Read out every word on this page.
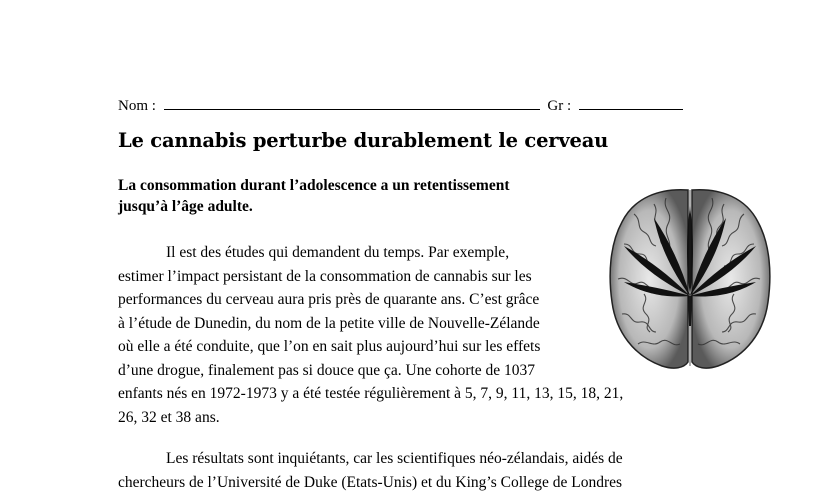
Nom :	Gr :
Le cannabis perturbe durablement le cerveau
La consommation durant l’adolescence a un retentissement
jusqu’à l’âge adulte.
Il est des études qui demandent du temps. Par exemple,
estimer l’impact persistant de la consommation de cannabis sur les
performances du cerveau aura pris près de quarante ans. C’est grâce
à l’étude de Dunedin, du nom de la petite ville de Nouvelle-Zélande
où elle a été conduite, que l’on en sait plus aujourd’hui sur les effets
d’une drogue, finalement pas si douce que ça. Une cohorte de 1037
enfants nés en 1972-1973 y a été testée régulièrement à 5, 7, 9, 11, 13, 15, 18, 21,
26, 32 et 38 ans.
Les résultats sont inquiétants, car les scientifiques néo-zélandais, aidés de
chercheurs de l’Université de Duke (Etats-Unis) et du King’s College de Londres
